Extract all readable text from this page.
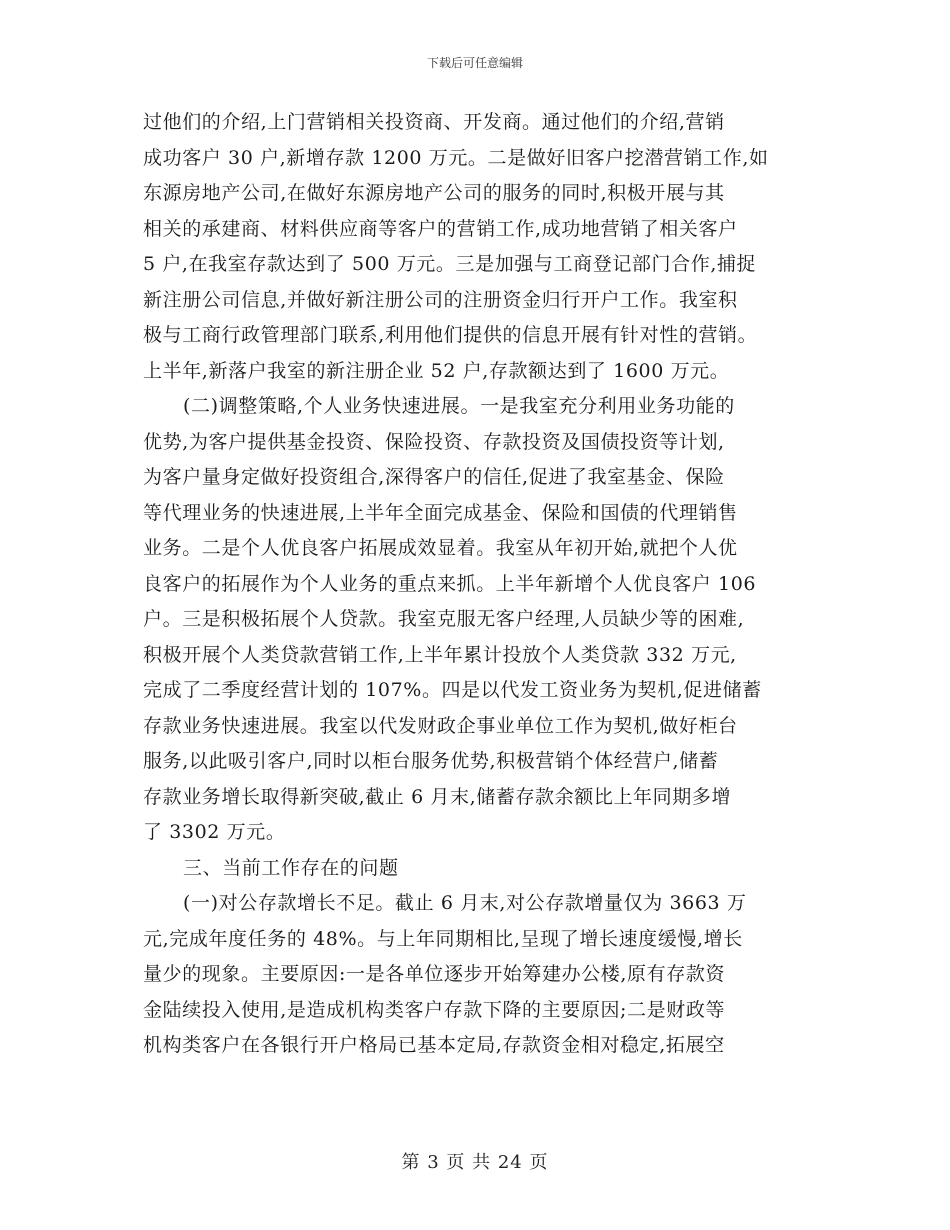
下载后可任意编辑
过他们的介绍,上门营销相关投资商、开发商。通过他们的介绍,营销
成功客户 30 户,新增存款 1200 万元。二是做好旧客户挖潜营销工作,如
东源房地产公司,在做好东源房地产公司的服务的同时,积极开展与其
相关的承建商、材料供应商等客户的营销工作,成功地营销了相关客户
5 户,在我室存款达到了 500 万元。三是加强与工商登记部门合作,捕捉
新注册公司信息,并做好新注册公司的注册资金归行开户工作。我室积
极与工商行政管理部门联系,利用他们提供的信息开展有针对性的营销。
上半年,新落户我室的新注册企业 52 户,存款额达到了 1600 万元。
(二)调整策略,个人业务快速进展。一是我室充分利用业务功能的
优势,为客户提供基金投资、保险投资、存款投资及国债投资等计划,
为客户量身定做好投资组合,深得客户的信任,促进了我室基金、保险
等代理业务的快速进展,上半年全面完成基金、保险和国债的代理销售
业务。二是个人优良客户拓展成效显着。我室从年初开始,就把个人优
良客户的拓展作为个人业务的重点来抓。上半年新增个人优良客户 106
户。三是积极拓展个人贷款。我室克服无客户经理,人员缺少等的困难,
积极开展个人类贷款营销工作,上半年累计投放个人类贷款 332 万元,
完成了二季度经营计划的 107%。四是以代发工资业务为契机,促进储蓄
存款业务快速进展。我室以代发财政企事业单位工作为契机,做好柜台
服务,以此吸引客户,同时以柜台服务优势,积极营销个体经营户,储蓄
存款业务增长取得新突破,截止 6 月末,储蓄存款余额比上年同期多增
了 3302 万元。
三、当前工作存在的问题
(一)对公存款增长不足。截止 6 月末,对公存款增量仅为 3663 万
元,完成年度任务的 48%。与上年同期相比,呈现了增长速度缓慢,增长
量少的现象。主要原因:一是各单位逐步开始筹建办公楼,原有存款资
金陆续投入使用,是造成机构类客户存款下降的主要原因;二是财政等
机构类客户在各银行开户格局已基本定局,存款资金相对稳定,拓展空
第 3 页 共 24 页
